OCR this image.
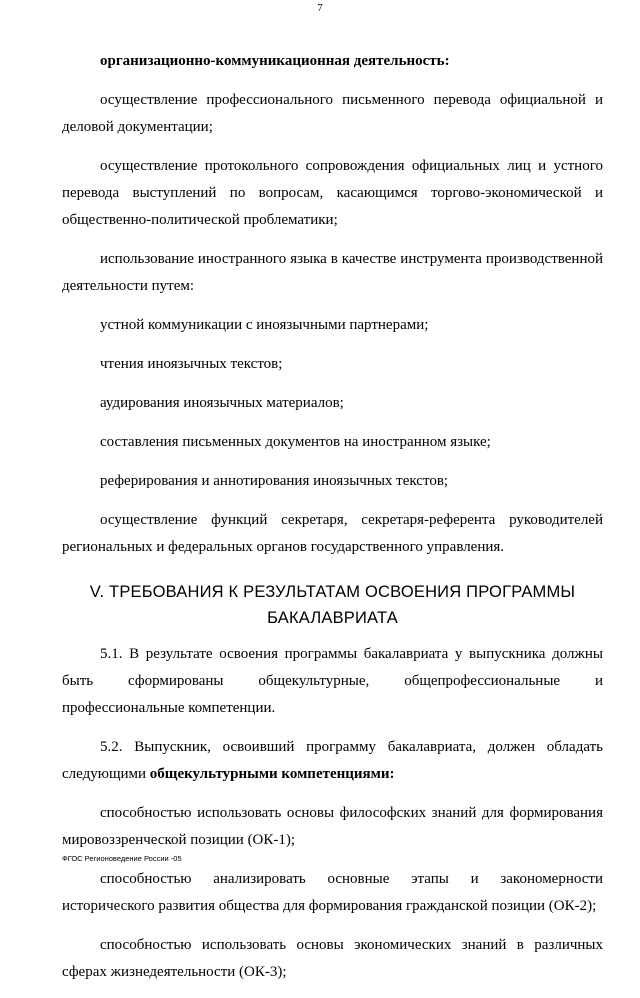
7

организационно-коммуникационная деятельность:

осуществление профессионального письменного перевода официальной и деловой документации;

осуществление протокольного сопровождения официальных лиц и устного перевода выступлений по вопросам, касающимся торгово-экономической и общественно-политической проблематики;

использование иностранного языка в качестве инструмента производственной деятельности путем:

устной коммуникации с иноязычными партнерами;

чтения иноязычных текстов;

аудирования иноязычных материалов;

составления письменных документов на иностранном языке;

реферирования и аннотирования иноязычных текстов;

осуществление функций секретаря, секретаря-референта руководителей региональных и федеральных органов государственного управления.

V. ТРЕБОВАНИЯ К РЕЗУЛЬТАТАМ ОСВОЕНИЯ ПРОГРАММЫ
БАКАЛАВРИАТА

5.1. В результате освоения программы бакалавриата у выпускника должны быть сформированы общекультурные, общепрофессиональные и профессиональные компетенции.

5.2. Выпускник, освоивший программу бакалавриата, должен обладать следующими общекультурными компетенциями:

способностью использовать основы философских знаний для формирования мировоззренческой позиции (ОК-1);

способностью анализировать основные этапы и закономерности исторического развития общества для формирования гражданской позиции (ОК-2);

способностью использовать основы экономических знаний в различных сферах жизнедеятельности (ОК-3);

ФГОС Регионоведение России -05
